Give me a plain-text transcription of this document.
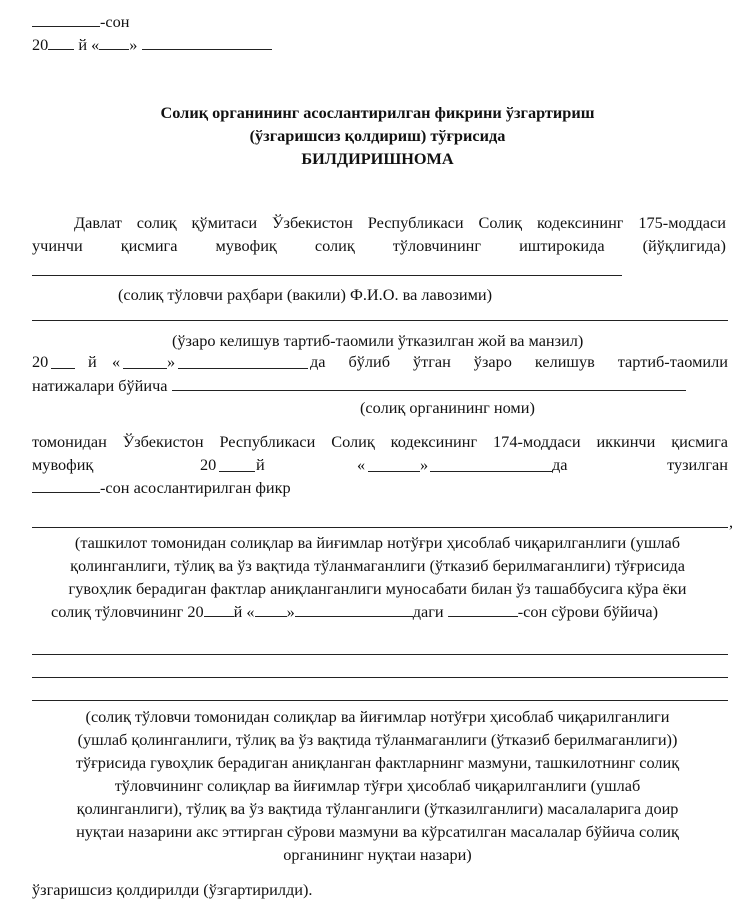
-сон
20 й « »
Солиқ органининг асослантирилган фикрини ўзгартириш
(ўзгаришсиз қолдириш) тўғрисида
БИЛДИРИШНОМА
Давлат солиқ қўмитаси Ўзбекистон Республикаси Солиқ кодексининг 175-моддаси
учинчи қисмига мувофиқ солиқ тўловчининг иштирокида (йўқлигида)
(солиқ тўловчи раҳбари (вакили) Ф.И.О. ва лавозими)
(ўзаро келишув тартиб-таомили ўтказилган жой ва манзил)
20 й «	»	да бўлиб ўтган ўзаро келишув тартиб-таомили
натижалари бўйича
(солиқ органининг номи)
томонидан Ўзбекистон Республикаси Солиқ кодексининг 174-моддаси иккинчи қисмига
мувофиқ	20 й	«	»	да	тузилган
-сон асослантирилган фикр
,
(ташкилот томонидан солиқлар ва йиғимлар нотўғри ҳисоблаб чиқарилганлиги (ушлаб
қолинганлиги, тўлиқ ва ўз вақтида тўланмаганлиги (ўтказиб берилмаганлиги) тўғрисида
гувоҳлик берадиган фактлар аниқланганлиги муносабати билан ўз ташаббусига кўра ёки
солиқ тўловчининг 20 й « »	даги	-сон сўрови бўйича)
(солиқ тўловчи томонидан солиқлар ва йиғимлар нотўғри ҳисоблаб чиқарилганлиги
(ушлаб қолинганлиги, тўлиқ ва ўз вақтида тўланмаганлиги (ўтказиб берилмаганлиги))
тўғрисида гувоҳлик берадиган аниқланган фактларнинг мазмуни, ташкилотнинг солиқ
тўловчининг солиқлар ва йиғимлар тўғри ҳисоблаб чиқарилганлиги (ушлаб
қолинганлиги), тўлиқ ва ўз вақтида тўланганлиги (ўтказилганлиги) масалаларига доир
нуқтаи назарини акс эттирган сўрови мазмуни ва кўрсатилган масалалар бўйича солиқ
органининг нуқтаи назари)
ўзгаришсиз қолдирилди (ўзгартирилди).
